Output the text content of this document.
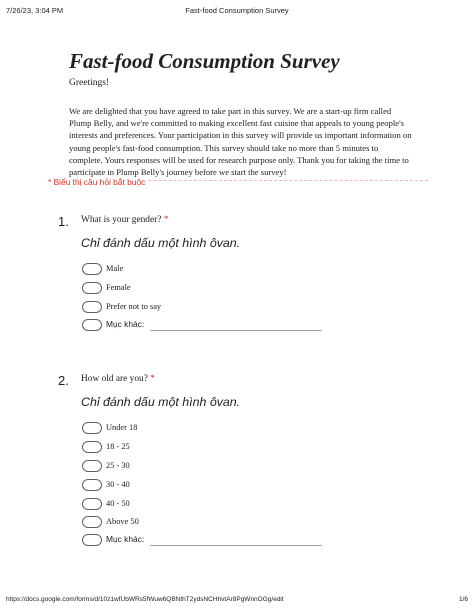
7/26/23, 3:04 PM	Fast-food Consumption Survey
Fast-food Consumption Survey
Greetings!
We are delighted that you have agreed to take part in this survey. We are a start-up firm called Plump Belly, and we're committed to making excellent fast cuisine that appeals to young people's interests and preferences. Your participation in this survey will provide us important information on young people's fast-food consumption. This survey should take no more than 5 minutes to complete. Yours responses will be used for research purpose only. Thank you for taking the time to participate in Plump Belly's journey before we start the survey!
* Biểu thị câu hỏi bắt buộc
1. What is your gender? *
Chỉ đánh dấu một hình ôvan.
Male
Female
Prefer not to say
Mục khác:
2. How old are you? *
Chỉ đánh dấu một hình ôvan.
Under 18
18 - 25
25 - 30
30 - 40
40 - 50
Above 50
Mục khác:
https://docs.google.com/forms/d/10z1wfUbWRs5fWuw6QBNthT2ydsNCHhvtAr8PgWnnOGg/edit	1/6
